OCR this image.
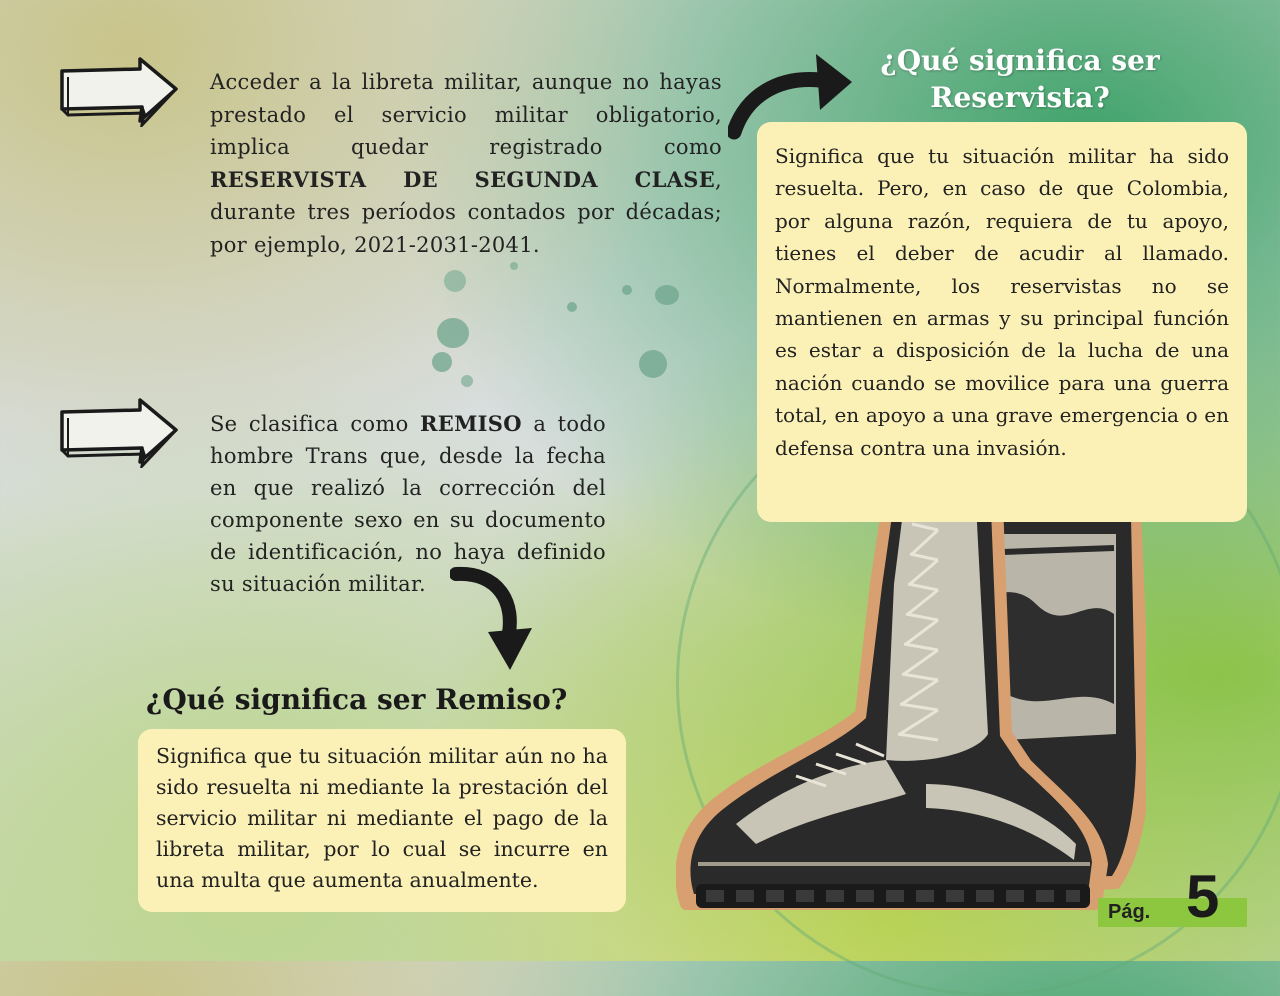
Acceder a la libreta militar, aunque no hayas prestado el servicio militar obligatorio, implica quedar registrado como RESERVISTA DE SEGUNDA CLASE, durante tres períodos contados por décadas; por ejemplo, 2021-2031-2041.
Se clasifica como REMISO a todo hombre Trans que, desde la fecha en que realizó la corrección del componente sexo en su documento de identificación, no haya definido su situación militar.
¿Qué significa ser Reservista?
Significa que tu situación militar ha sido resuelta. Pero, en caso de que Colombia, por alguna razón, requiera de tu apoyo, tienes el deber de acudir al llamado. Normalmente, los reservistas no se mantienen en armas y su principal función es estar a disposición de la lucha de una nación cuando se movilice para una guerra total, en apoyo a una grave emergencia o en defensa contra una invasión.
¿Qué significa ser Remiso?
Significa que tu situación militar aún no ha sido resuelta ni mediante la prestación del servicio militar ni mediante el pago de la libreta militar, por lo cual se incurre en una multa que aumenta anualmente.
Pág. 5
